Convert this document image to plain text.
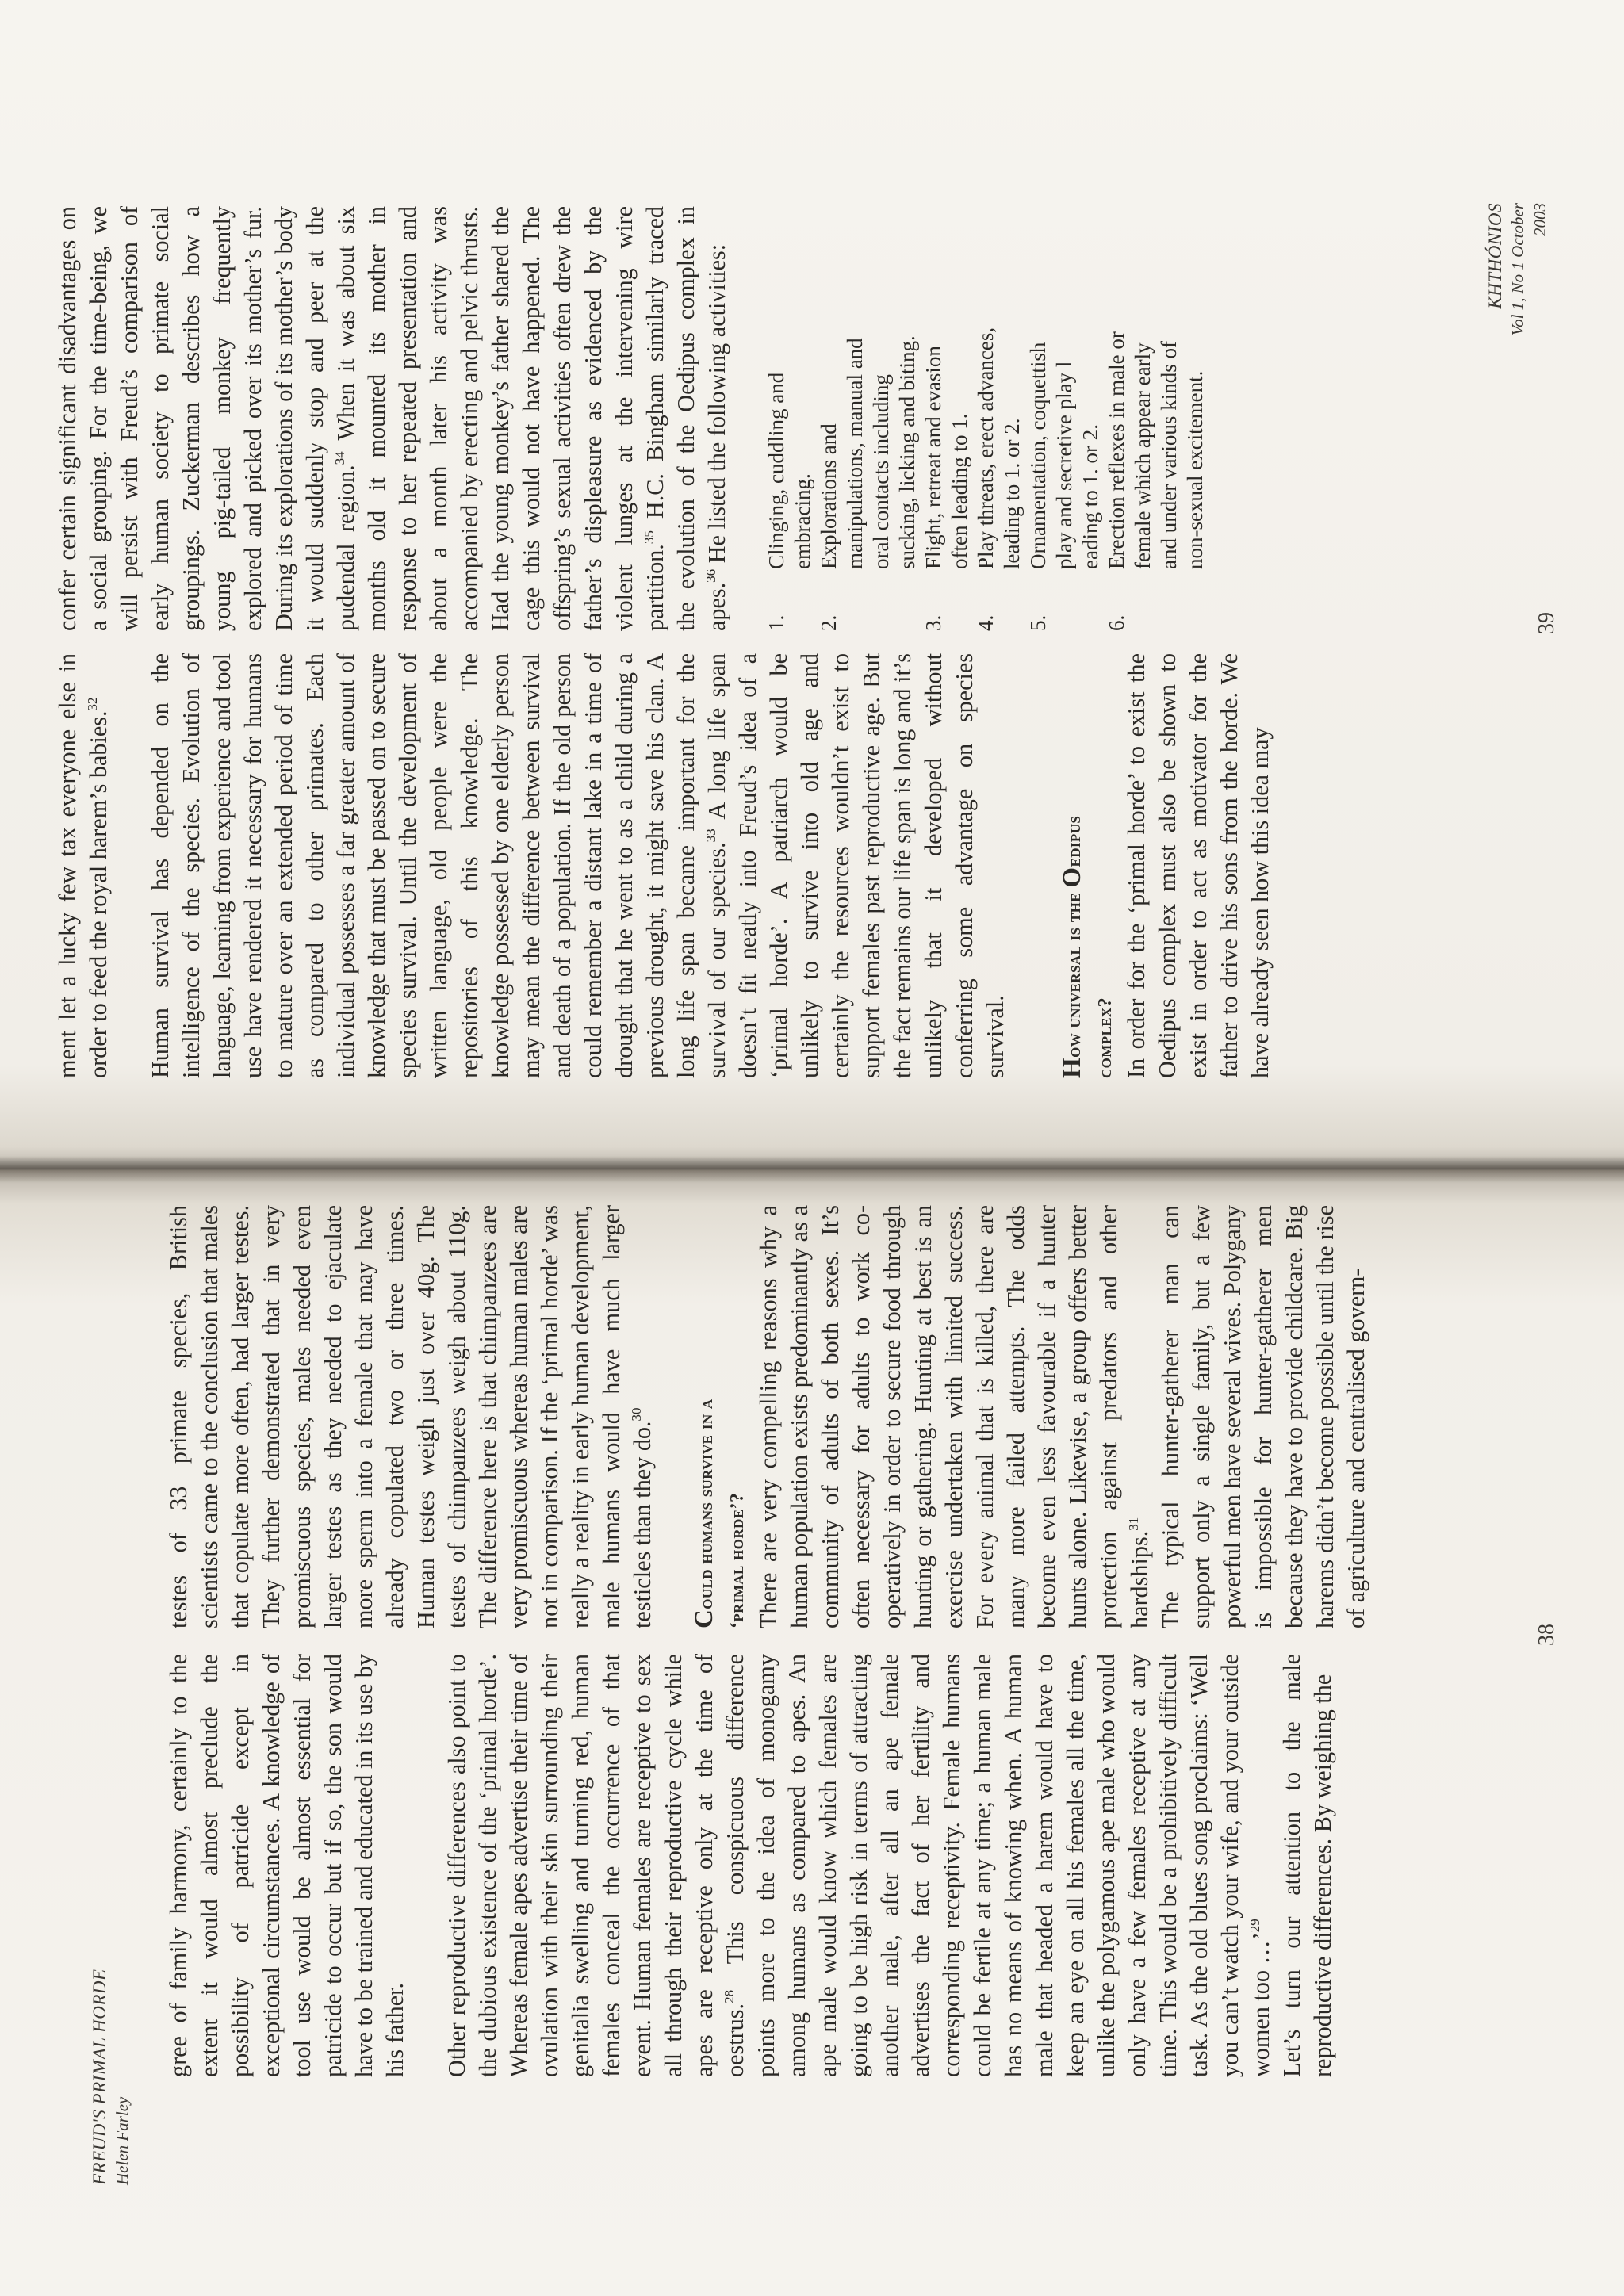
FREUD'S PRIMAL HORDE Helen Farley

gree of family harmony, certainly to the extent it would almost preclude the possibility of patricide except in exceptional circumstances. A knowledge of tool use would be almost essential for patricide to occur but if so, the son would have to be trained and educated in its use by his father. Other reproductive differences also point to the dubious existence of the ‘primal horde’. Whereas female apes advertise their time of ovulation with their skin surrounding their genitalia swelling and turning red, human females conceal the occurrence of that event. Human females are receptive to sex all through their reproductive cycle while apes are receptive only at the time of oestrus.$^{28}$ This conspicuous difference points more to the idea of monogamy among humans as compared to apes. An ape male would know which females are going to be high risk in terms of attracting another male, after all an ape female advertises the fact of her fertility and corresponding receptivity. Female humans could be fertile at any time; a human male has no means of knowing when. A human male that headed a harem would have to keep an eye on all his females all the time, unlike the polygamous ape male who would only have a few females receptive at any time. This would be a prohibitively difficult task. As the old blues song proclaims: ‘Well you can’t watch your wife, and your outside women too …’$^{29}$ Let’s turn our attention to the male reproductive differences. By weighing the

testes of 33 primate species, British scientists came to the conclusion that males that copulate more often, had larger testes. They further demonstrated that in very promiscuous species, males needed even larger testes as they needed to ejaculate more sperm into a female that may have already copulated two or three times. Human testes weigh just over 40g. The testes of chimpanzees weigh about 110g. The difference here is that chimpanzees are very promiscuous whereas human males are not in comparison. If the ‘primal horde’ was really a reality in early human development, male humans would have much larger testicles than they do.$^{30}$

Could humans survive in a ‘primal horde’? There are very compelling reasons why a human population exists predominantly as a community of adults of both sexes. It’s often necessary for adults to work co-operatively in order to secure food through hunting or gathering. Hunting at best is an exercise undertaken with limited success. For every animal that is killed, there are many more failed attempts. The odds become even less favourable if a hunter hunts alone. Likewise, a group offers better protection against predators and other hardships.$^{31}$ The typical hunter-gatherer man can support only a single family, but a few powerful men have several wives. Polygany is impossible for hunter-gatherer men because they have to provide childcare. Big harems didn’t become possible until the rise of agriculture and centralised govern-

38

ment let a lucky few tax everyone else in order to feed the royal harem’s babies.$^{32}$	Human survival has depended on the intelligence of the species. Evolution of language, learning from experience and tool use have rendered it necessary for humans to mature over an extended period of time as compared to other primates. Each individual possesses a far greater amount of knowledge that must be passed on to secure species survival. Until the development of written language, old people were the repositories of this knowledge. The knowledge possessed by one elderly person may mean the difference between survival and death of a population. If the old person could remember a distant lake in a time of drought that he went to as a child during a previous drought, it might save his clan. A long life span became important for the survival of our species.$^{33}$ A long life span doesn’t fit neatly into Freud’s idea of a ‘primal horde’. A patriarch would be unlikely to survive into old age and certainly the resources wouldn’t exist to support females past reproductive age. But the fact remains our life span is long and it’s unlikely that it developed without conferring some advantage on species survival. How universal is the Oedipus
complex? In order for the ‘primal horde’ to exist the Oedipus complex must also be shown to exist in order to act as motivator for the father to drive his sons from the horde. We have already seen how this idea may

confer certain significant disadvantages on a social grouping. For the time-being, we will persist with Freud’s comparison of early human society to primate social groupings. Zuckerman describes how a young pig-tailed monkey frequently explored and picked over its mother’s fur. During its explorations of its mother’s body it would suddenly stop and peer at the pudendal region.$^{34}$ When it was about six months old it mounted its mother in response to her repeated presentation and about a month later his activity was accompanied by erecting and pelvic thrusts. Had the young monkey’s father shared the cage this would not have happened. The offspring’s sexual activities often drew the father’s displeasure as evidenced by the violent lunges at the intervening wire partition.$^{35}$ H.C. Bingham similarly traced the evolution of the Oedipus complex in apes.$^{36}$ He listed the following activities:

1.
Clinging, cuddling and embracing.
2.
Explorations and manipulations, manual and oral contacts including sucking, licking and biting.
3.
Flight, retreat and evasion often leading to 1.
4.
Play threats, erect advances, leading to 1. or 2.
5.
Ornamentation, coquettish play and secretive play l eading to 1. or 2.
6.
Erection reflexes in male or female which appear early and under various kinds of non-sexual excitement.
KHTHÓNIOS Vol 1, No 1 October 2003
39
